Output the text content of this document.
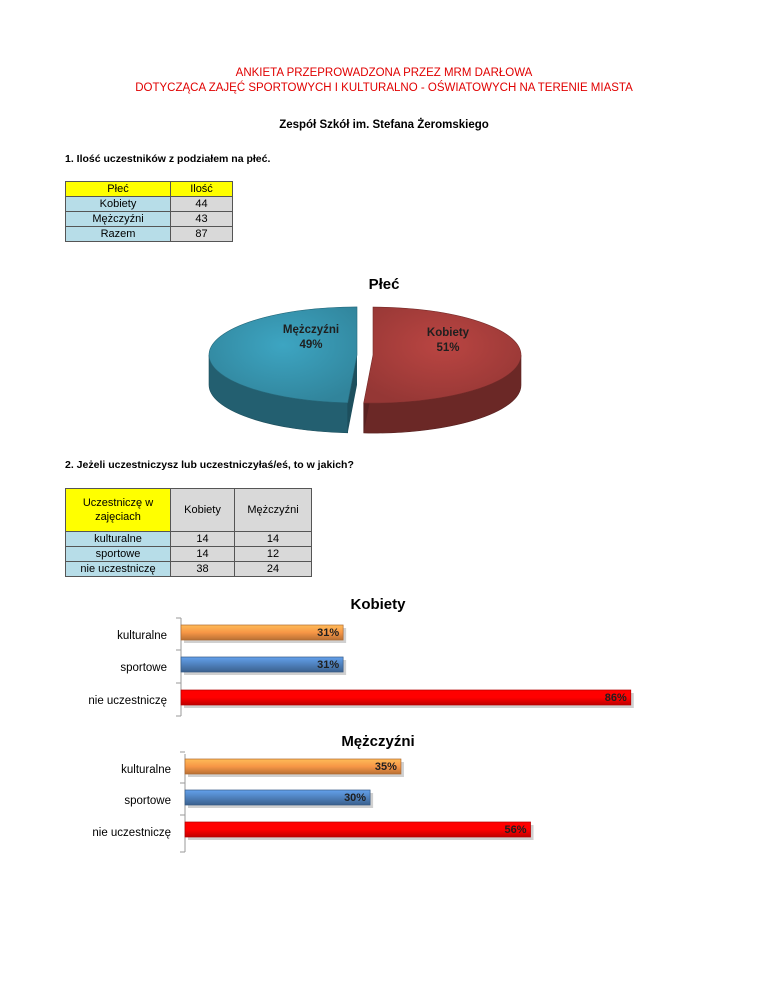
ANKIETA PRZEPROWADZONA PRZEZ MRM DARŁOWA
DOTYCZĄCA ZAJĘĆ SPORTOWYCH I KULTURALNO - OŚWIATOWYCH NA TERENIE MIASTA
Zespół Szkół im. Stefana Żeromskiego
1. Ilość uczestników z podziałem na płeć.
Płeć	Ilość
Kobiety	44
Mężczyźni	43
Razem	87
2. Jeżeli uczestniczysz lub uczestniczyłaś/eś, to w jakich?
Uczestniczę w zajęciach	Kobiety	Mężczyźni
kulturalne	14	14
sportowe	14	12
nie uczestniczę	38	24
Płeć
Mężczyźni
49%
Kobiety
51%
Kobiety
kulturalne	31%
sportowe	31%
nie uczestniczę	86%
Mężczyźni
kulturalne	35%
sportowe	30%
nie uczestniczę	56%
